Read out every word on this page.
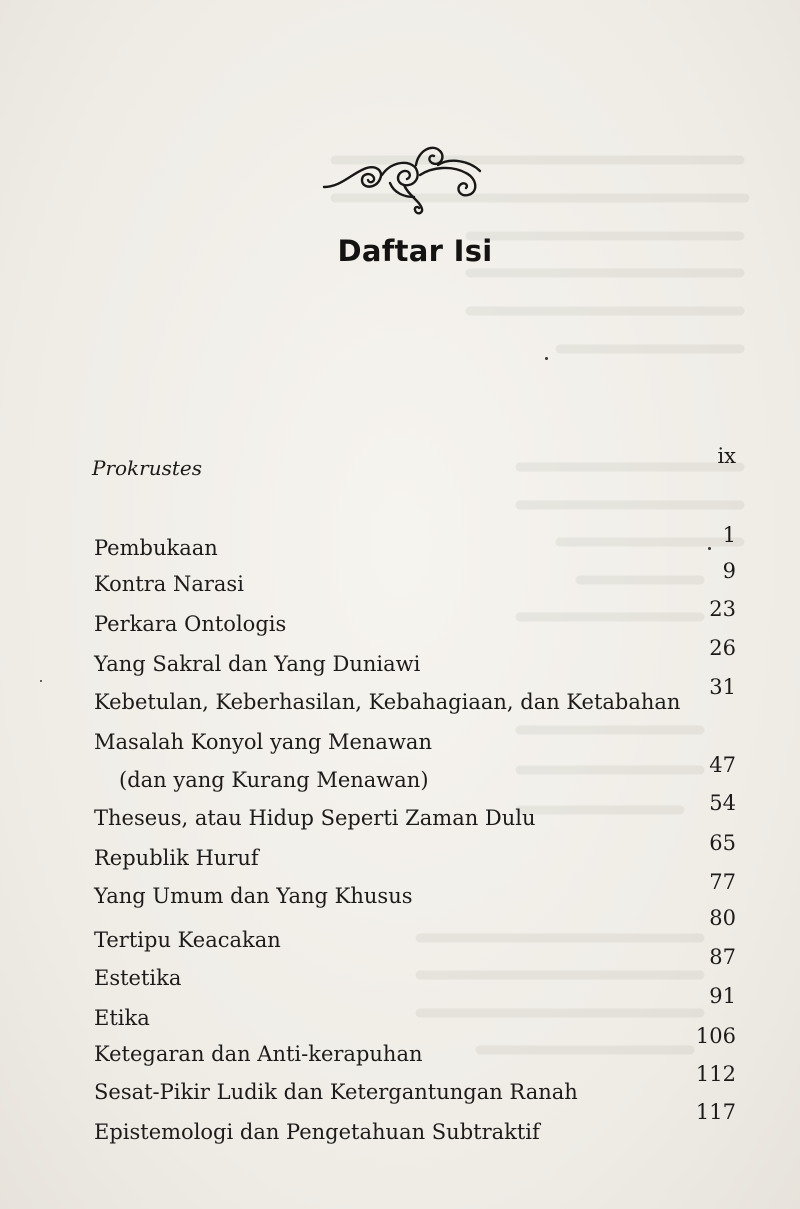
Daftar Isi
Prokrustes	ix
Pembukaan
1
Kontra Narasi
9
Perkara Ontologis
23
Yang Sakral dan Yang Duniawi
26
Kebetulan, Keberhasilan, Kebahagiaan, dan Ketabahan
31
Masalah Konyol yang Menawan
(dan yang Kurang Menawan)
47
Theseus, atau Hidup Seperti Zaman Dulu
54
Republik Huruf
65
Yang Umum dan Yang Khusus
77
Tertipu Keacakan
80
Estetika
87
Etika
91
Ketegaran dan Anti-kerapuhan
106
Sesat-Pikir Ludik dan Ketergantungan Ranah
112
Epistemologi dan Pengetahuan Subtraktif
117
